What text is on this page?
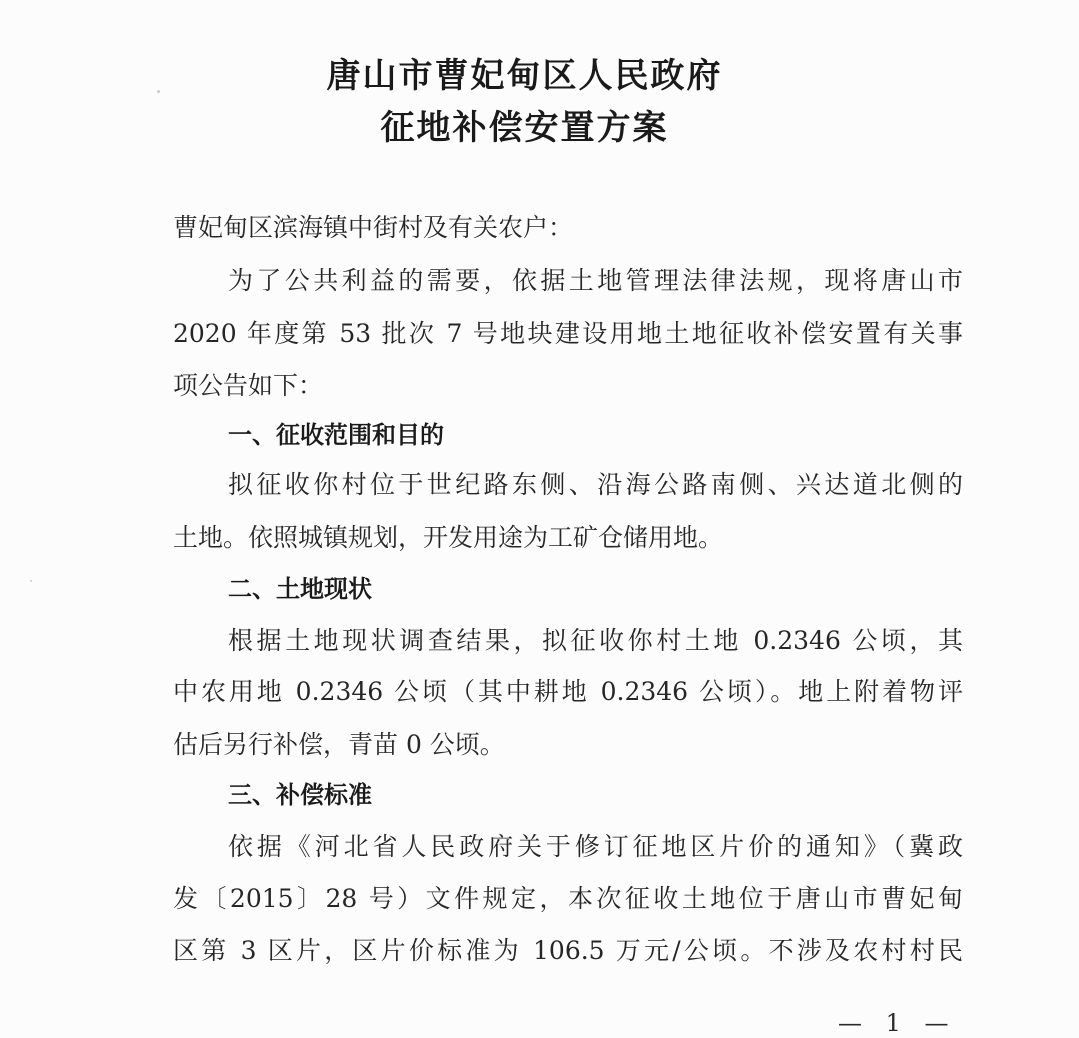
唐山市曹妃甸区人民政府
征地补偿安置方案
曹妃甸区滨海镇中街村及有关农户：
为了公共利益的需要，依据土地管理法律法规，现将唐山市
2020 年度第 53 批次 7 号地块建设用地土地征收补偿安置有关事
项公告如下：
一、征收范围和目的
拟征收你村位于世纪路东侧、沿海公路南侧、兴达道北侧的
土地。依照城镇规划，开发用途为工矿仓储用地。
二、土地现状
根据土地现状调查结果，拟征收你村土地 0.2346 公顷，其
中农用地 0.2346 公顷（其中耕地 0.2346 公顷）。地上附着物评
估后另行补偿，青苗 0 公顷。
三、补偿标准
依据《河北省人民政府关于修订征地区片价的通知》（冀政
发〔2015〕28 号）文件规定，本次征收土地位于唐山市曹妃甸
区第 3 区片，区片价标准为 106.5 万元/公顷。不涉及农村村民
— 1 —
